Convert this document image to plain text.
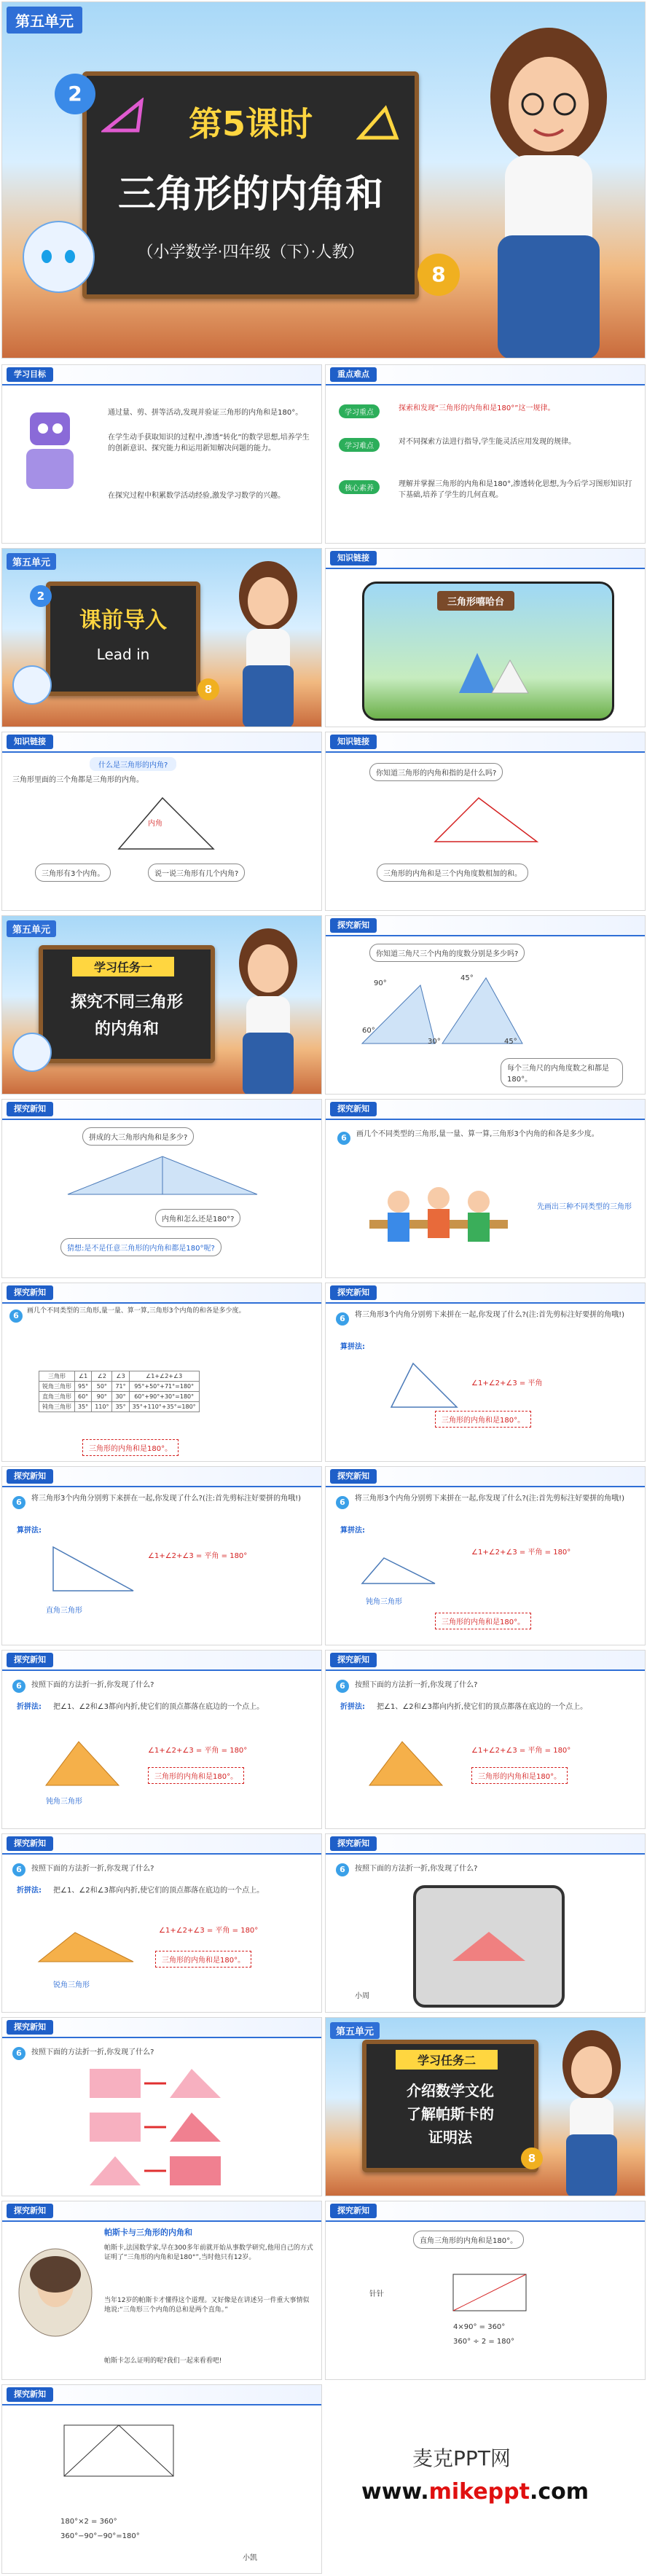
第五单元
第5课时
三角形的内角和
（小学数学·四年级（下）·人教）
2
8
学习目标
通过量、剪、拼等活动,发现并验证三角形的内角和是180°。
在学生动手获取知识的过程中,渗透“转化”的数学思想,培养学生的创新意识、探究能力和运用新知解决问题的能力。
在探究过程中积累数学活动经验,激发学习数学的兴趣。
重点难点
学习重点
探索和发现“三角形的内角和是180°”这一规律。
学习难点
对不同探索方法进行指导,学生能灵活应用发现的规律。
核心素养
理解并掌握三角形的内角和是180°,渗透转化思想,为今后学习图形知识打下基础,培养了学生的几何直观。
第五单元
课前导入
Lead in
2
8
知识链接
三角形嘻哈台
知识链接
什么是三角形的内角?
三角形里面的三个角都是三角形的内角。
内角
三角形有3个内角。	说一说三角形有几个内角?
知识链接
你知道三角形的内角和指的是什么吗?
三角形的内角和是三个内角度数相加的和。
第五单元
学习任务一
探究不同三角形
的内角和
探究新知
你知道三角尺三个内角的度数分别是多少吗?
90°
60°
30°
45°
45°
每个三角尺的内角度数之和都是180°。
探究新知
拼成的大三角形内角和是多少?
内角和怎么还是180°?
猜想:是不是任意三角形的内角和都是180°呢?
探究新知
6	画几个不同类型的三角形,量一量、算一算,三角形3个内角的和各是多少度。
先画出三种不同类型的三角形
探究新知
6	画几个不同类型的三角形,量一量、算一算,三角形3个内角的和各是多少度。
三角形	∠1	∠2	∠3	∠1+∠2+∠3
锐角三角形	95°	50°	71°	95°+50°+71°=180°
直角三角形	60°	90°	30°	60°+90°+30°=180°
钝角三角形	35°	110°	35°	35°+110°+35°=180°
三角形的内角和是180°。
探究新知
6	将三角形3个内角分别剪下来拼在一起,你发现了什么?(注:首先剪标注好要拼的角哦!)
算拼法:
∠1+∠2+∠3 = 平角
三角形的内角和是180°。
探究新知
6	将三角形3个内角分别剪下来拼在一起,你发现了什么?(注:首先剪标注好要拼的角哦!)
算拼法:
∠1+∠2+∠3 = 平角 = 180°
直角三角形
探究新知
6	将三角形3个内角分别剪下来拼在一起,你发现了什么?(注:首先剪标注好要拼的角哦!)
算拼法:
∠1+∠2+∠3 = 平角 = 180°
钝角三角形
三角形的内角和是180°。
探究新知
6	按照下面的方法折一折,你发现了什么?
折拼法: 把∠1、∠2和∠3都向内折,使它们的顶点都落在底边的一个点上。
∠1+∠2+∠3 = 平角 = 180°
三角形的内角和是180°。
钝角三角形
探究新知
6	按照下面的方法折一折,你发现了什么?
折拼法: 把∠1、∠2和∠3都向内折,使它们的顶点都落在底边的一个点上。
∠1+∠2+∠3 = 平角 = 180°
三角形的内角和是180°。
探究新知
6	按照下面的方法折一折,你发现了什么?
折拼法: 把∠1、∠2和∠3都向内折,使它们的顶点都落在底边的一个点上。
∠1+∠2+∠3 = 平角 = 180°
三角形的内角和是180°。
锐角三角形
探究新知
6	按照下面的方法折一折,你发现了什么?
小周
探究新知
6	按照下面的方法折一折,你发现了什么?
第五单元
学习任务二
介绍数学文化
了解帕斯卡的
证明法
8
探究新知
帕斯卡与三角形的内角和
帕斯卡,法国数学家,早在300多年前就开始从事数学研究,他用自己的方式证明了“三角形的内角和是180°”,当时他只有12岁。
当年12岁的帕斯卡才懂得这个道理。又好像是在讲述另一件重大事情似地说:“三角形三个内角的总和是两个直角。”
帕斯卡怎么证明的呢?我们一起来看看吧!
探究新知
直角三角形的内角和是180°。
针针
4×90° = 360°
360° ÷ 2 = 180°
探究新知
180°×2 = 360°
360°−90°−90°=180°
小凯
麦克PPT网
www.mikeppt.com
